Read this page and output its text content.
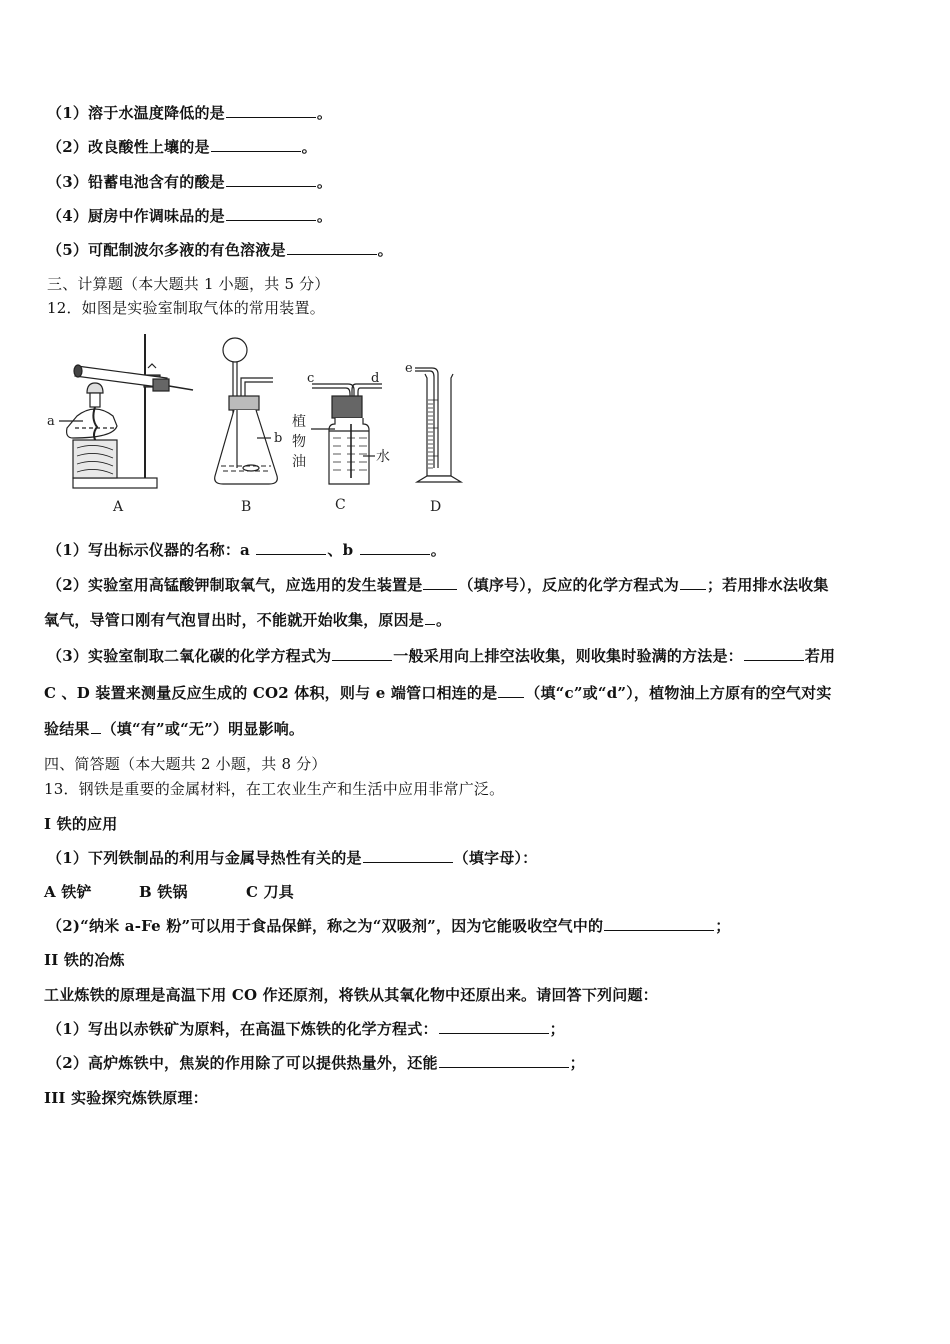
（1）溶于水温度降低的是	。
（2）改良酸性上壤的是	。
（3）铅蓄电池含有的酸是	。
（4）厨房中作调味品的是	。
（5）可配制波尔多液的有色溶液是	。
三、计算题（本大题共 1 小题，共 5 分）
12．如图是实验室制取气体的常用装置。
a
A
b
B
c	d
植
物
油	水
C
e
D
（1）写出标示仪器的名称：a	、b	。
（2）实验室用高锰酸钾制取氧气，应选用的发生装置是 （填序号），反应的化学方程式为 ；若用排水法收集
氧气，导管口刚有气泡冒出时，不能就开始收集，原因是 。
（3）实验室制取二氧化碳的化学方程式为	一般采用向上排空法收集，则收集时验满的方法是：	若用
C 、D 装置来测量反应生成的 CO2 体积，则与 e 端管口相连的是 （填“c”或“d”），植物油上方原有的空气对实
验结果 （填“有”或“无”）明显影响。
四、简答题（本大题共 2 小题，共 8 分）
13．钢铁是重要的金属材料，在工农业生产和生活中应用非常广泛。
I 铁的应用
（1）下列铁制品的利用与金属导热性有关的是	（填字母）：
A 铁铲	B 铁锅	C 刀具
（2)“纳米 a-Fe 粉”可以用于食品保鲜，称之为“双吸剂”，因为它能吸收空气中的	；
II 铁的冶炼
工业炼铁的原理是高温下用 CO 作还原剂，将铁从其氧化物中还原出来。请回答下列问题：
（1）写出以赤铁矿为原料，在高温下炼铁的化学方程式：	；
（2）高炉炼铁中，焦炭的作用除了可以提供热量外，还能	；
III 实验探究炼铁原理：
